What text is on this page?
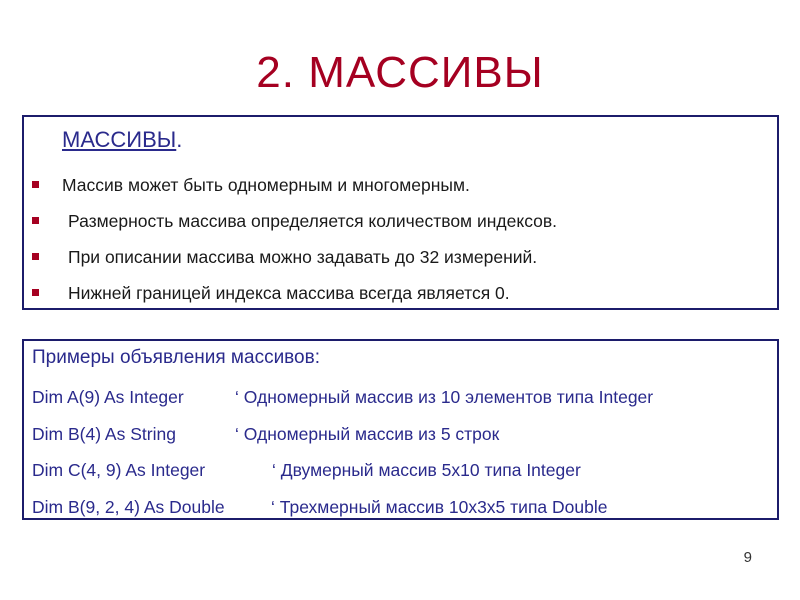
2. МАССИВЫ
МАССИВЫ.
Массив может быть одномерным и многомерным.
Размерность массива определяется количеством индексов.
При описании массива можно задавать до 32 измерений.
Нижней границей индекса массива всегда является 0.
Примеры объявления массивов:
Dim A(9) As Integer	‘ Одномерный массив из 10 элементов типа Integer
Dim B(4) As String	‘ Одномерный массив из 5 строк
Dim C(4, 9) As Integer	‘ Двумерный массив 5x10 типа Integer
Dim B(9, 2, 4) As Double	‘ Трехмерный массив 10x3x5 типа Double
9
